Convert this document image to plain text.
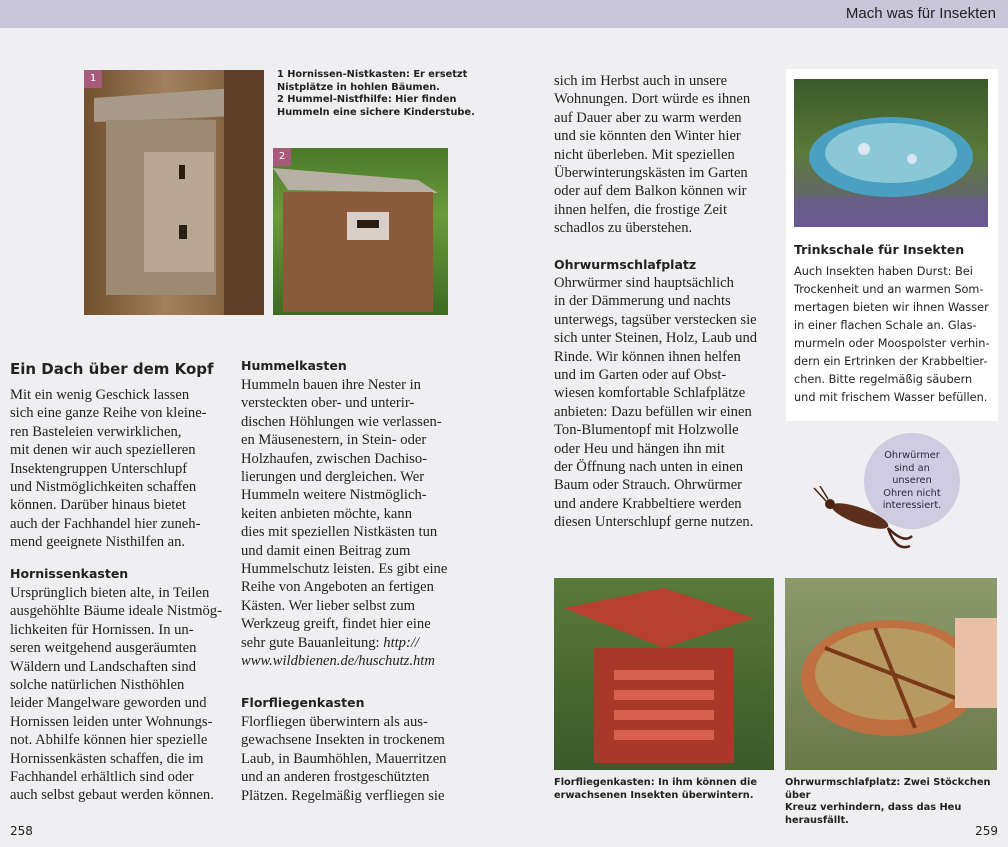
Mach was für Insekten
1
2
1 Hornissen-Nistkasten: Er ersetzt
Nistplätze in hohlen Bäumen.
2 Hummel-Nistfhilfe: Hier finden
Hummeln eine sichere Kinderstube.
Ein Dach über dem Kopf
Mit ein wenig Geschick lassen
sich eine ganze Reihe von kleine-
ren Basteleien verwirklichen,
mit denen wir auch spezielleren
Insektengruppen Unterschlupf
und Nistmöglichkeiten schaffen
können. Darüber hinaus bietet
auch der Fachhandel hier zuneh-
mend geeignete Nisthilfen an.
Hornissenkasten
Ursprünglich bieten alte, in Teilen
ausgehöhlte Bäume ideale Nistmög-
lichkeiten für Hornissen. In un-
seren weitgehend ausgeräumten
Wäldern und Landschaften sind
solche natürlichen Nisthöhlen
leider Mangelware geworden und
Hornissen leiden unter Wohnungs-
not. Abhilfe können hier spezielle
Hornissenkästen schaffen, die im
Fachhandel erhältlich sind oder
auch selbst gebaut werden können.
Hummelkasten
Hummeln bauen ihre Nester in
versteckten ober- und unterir-
dischen Höhlungen wie verlassen-
en Mäusenestern, in Stein- oder
Holzhaufen, zwischen Dachiso-
lierungen und dergleichen. Wer
Hummeln weitere Nistmöglich-
keiten anbieten möchte, kann
dies mit speziellen Nistkästen tun
und damit einen Beitrag zum
Hummelschutz leisten. Es gibt eine
Reihe von Angeboten an fertigen
Kästen. Wer lieber selbst zum
Werkzeug greift, findet hier eine
sehr gute Bauanleitung: http://
www.wildbienen.de/huschutz.htm
Florfliegenkasten
Florfliegen überwintern als aus-
gewachsene Insekten in trockenem
Laub, in Baumhöhlen, Mauerritzen
und an anderen frostgeschützten
Plätzen. Regelmäßig verfliegen sie
sich im Herbst auch in unsere
Wohnungen. Dort würde es ihnen
auf Dauer aber zu warm werden
und sie könnten den Winter hier
nicht überleben. Mit speziellen
Überwinterungskästen im Garten
oder auf dem Balkon können wir
ihnen helfen, die frostige Zeit
schadlos zu überstehen.
Ohrwurmschlafplatz
Ohrwürmer sind hauptsächlich
in der Dämmerung und nachts
unterwegs, tagsüber verstecken sie
sich unter Steinen, Holz, Laub und
Rinde. Wir können ihnen helfen
und im Garten oder auf Obst-
wiesen komfortable Schlafplätze
anbieten: Dazu befüllen wir einen
Ton-Blumentopf mit Holzwolle
oder Heu und hängen ihn mit
der Öffnung nach unten in einen
Baum oder Strauch. Ohrwürmer
und andere Krabbeltiere werden
diesen Unterschlupf gerne nutzen.
Trinkschale für Insekten
Auch Insekten haben Durst: Bei
Trockenheit und an warmen Som-
mertagen bieten wir ihnen Wasser
in einer flachen Schale an. Glas-
murmeln oder Moospolster verhin-
dern ein Ertrinken der Krabbeltier-
chen. Bitte regelmäßig säubern
und mit frischem Wasser befüllen.
Ohrwürmer
sind an
unseren
Ohren nicht
interessiert.
Florfliegenkasten: In ihm können die
erwachsenen Insekten überwintern.
Ohrwurmschlafplatz: Zwei Stöckchen über
Kreuz verhindern, dass das Heu herausfällt.
258	259
